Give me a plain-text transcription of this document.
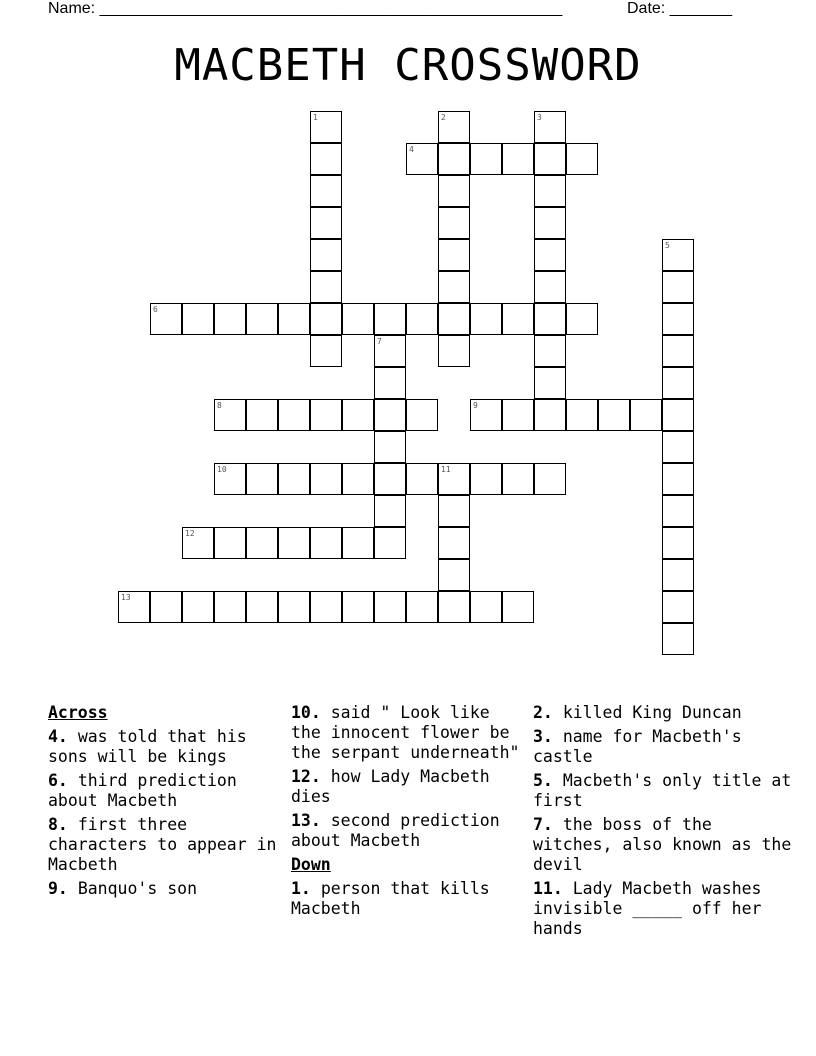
Name: ____________________________________________________	Date: _______
MACBETH CROSSWORD
4
6
8	9
10	11
12
13
1	2	3
5
7
Across
4. was told that his sons will be kings
6. third prediction about Macbeth
8. first three characters to appear in Macbeth
9. Banquo's son
10. said " Look like the innocent flower be the serpant underneath"
12. how Lady Macbeth dies
13. second prediction about Macbeth
Down
1. person that kills Macbeth
2. killed King Duncan
3. name for Macbeth's castle
5. Macbeth's only title at first
7. the boss of the witches, also known as the devil
11. Lady Macbeth washes invisible _____ off her hands
